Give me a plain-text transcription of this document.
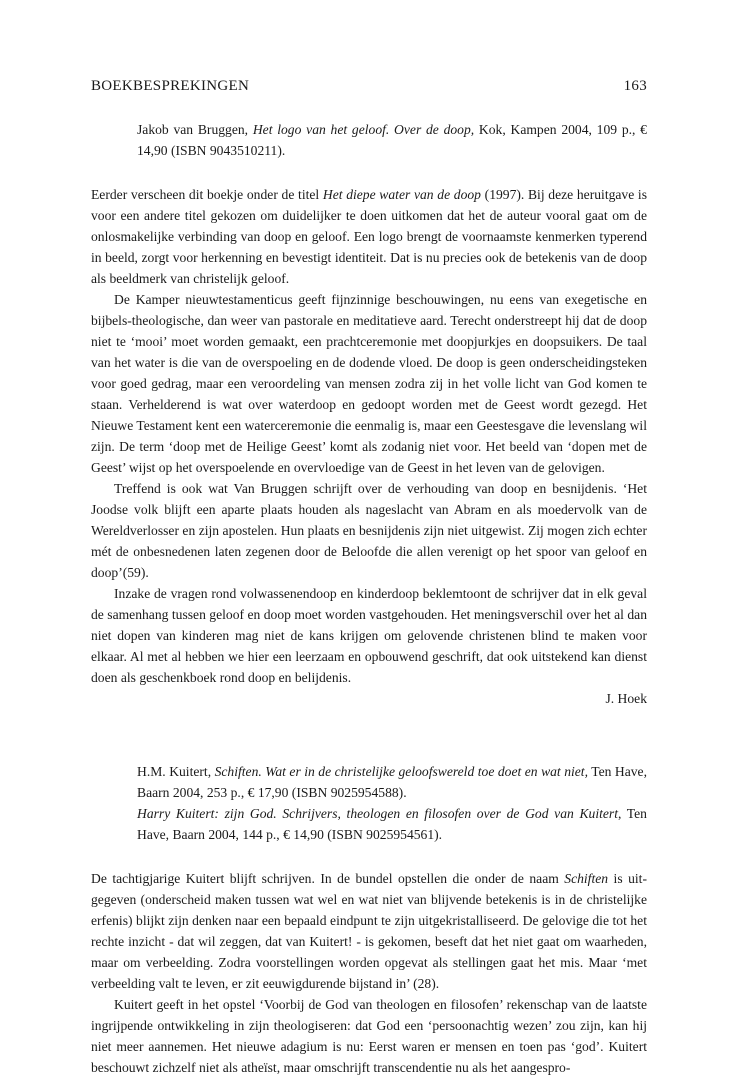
BOEKBESPREKINGEN	163

Jakob van Bruggen, Het logo van het geloof. Over de doop, Kok, Kampen 2004, 109 p., € 14,90 (ISBN 9043510211).

Eerder verscheen dit boekje onder de titel Het diepe water van de doop (1997). Bij deze heruitgave is voor een andere titel gekozen om duidelijker te doen uitkomen dat het de auteur vooral gaat om de onlosmakelijke verbinding van doop en geloof. Een logo brengt de voornaamste kenmerken typerend in beeld, zorgt voor herkenning en bevestigt identiteit. Dat is nu precies ook de betekenis van de doop als beeldmerk van christelijk geloof.

De Kamper nieuwtestamenticus geeft fijnzinnige beschouwingen, nu eens van exegetische en bijbels-theologische, dan weer van pastorale en meditatieve aard. Terecht onderstreept hij dat de doop niet te ‘mooi’ moet worden gemaakt, een prachtceremonie met doopjurkjes en doopsuikers. De taal van het water is die van de overspoeling en de dodende vloed. De doop is geen onderscheidingsteken voor goed gedrag, maar een veroordeling van mensen zodra zij in het volle licht van God komen te staan. Verhelderend is wat over waterdoop en gedoopt worden met de Geest wordt gezegd. Het Nieuwe Testament kent een waterceremonie die eenmalig is, maar een Geestesgave die levenslang wil zijn. De term ‘doop met de Heilige Geest’ komt als zodanig niet voor. Het beeld van ‘dopen met de Geest’ wijst op het overspoelende en overvloedige van de Geest in het leven van de gelovigen.

Treffend is ook wat Van Bruggen schrijft over de verhouding van doop en besnijdenis. ‘Het Joodse volk blijft een aparte plaats houden als nageslacht van Abram en als moedervolk van de Wereldverlosser en zijn apostelen. Hun plaats en besnijdenis zijn niet uitgewist. Zij mogen zich echter mét de onbesnedenen laten zegenen door de Beloofde die allen verenigt op het spoor van geloof en doop’(59).

Inzake de vragen rond volwassenendoop en kinderdoop beklemtoont de schrijver dat in elk geval de samenhang tussen geloof en doop moet worden vastgehouden. Het meningsverschil over het al dan niet dopen van kinderen mag niet de kans krijgen om gelovende christenen blind te maken voor elkaar. Al met al hebben we hier een leerzaam en opbouwend geschrift, dat ook uitstekend kan dienst doen als geschenkboek rond doop en belijdenis.

J. Hoek

H.M. Kuitert, Schiften. Wat er in de christelijke geloofswereld toe doet en wat niet, Ten Have, Baarn 2004, 253 p., € 17,90 (ISBN 9025954588).

Harry Kuitert: zijn God. Schrijvers, theologen en filosofen over de God van Kuitert, Ten Have, Baarn 2004, 144 p., € 14,90 (ISBN 9025954561).

De tachtigjarige Kuitert blijft schrijven. In de bundel opstellen die onder de naam Schiften is uitgegeven (onderscheid maken tussen wat wel en wat niet van blijvende betekenis is in de christelijke erfenis) blijkt zijn denken naar een bepaald eindpunt te zijn uitgekristalliseerd. De gelovige die tot het rechte inzicht - dat wil zeggen, dat van Kuitert! - is gekomen, beseft dat het niet gaat om waarheden, maar om verbeelding. Zodra voorstellingen worden opgevat als stellingen gaat het mis. Maar ‘met verbeelding valt te leven, er zit eeuwigdurende bijstand in’ (28).

Kuitert geeft in het opstel ‘Voorbij de God van theologen en filosofen’ rekenschap van de laatste ingrijpende ontwikkeling in zijn theologiseren: dat God een ‘persoonachtig wezen’ zou zijn, kan hij niet meer aannemen. Het nieuwe adagium is nu: Eerst waren er mensen en toen pas ‘god’. Kuitert beschouwt zichzelf niet als atheïst, maar omschrijft transcendentie nu als het aangespro-
